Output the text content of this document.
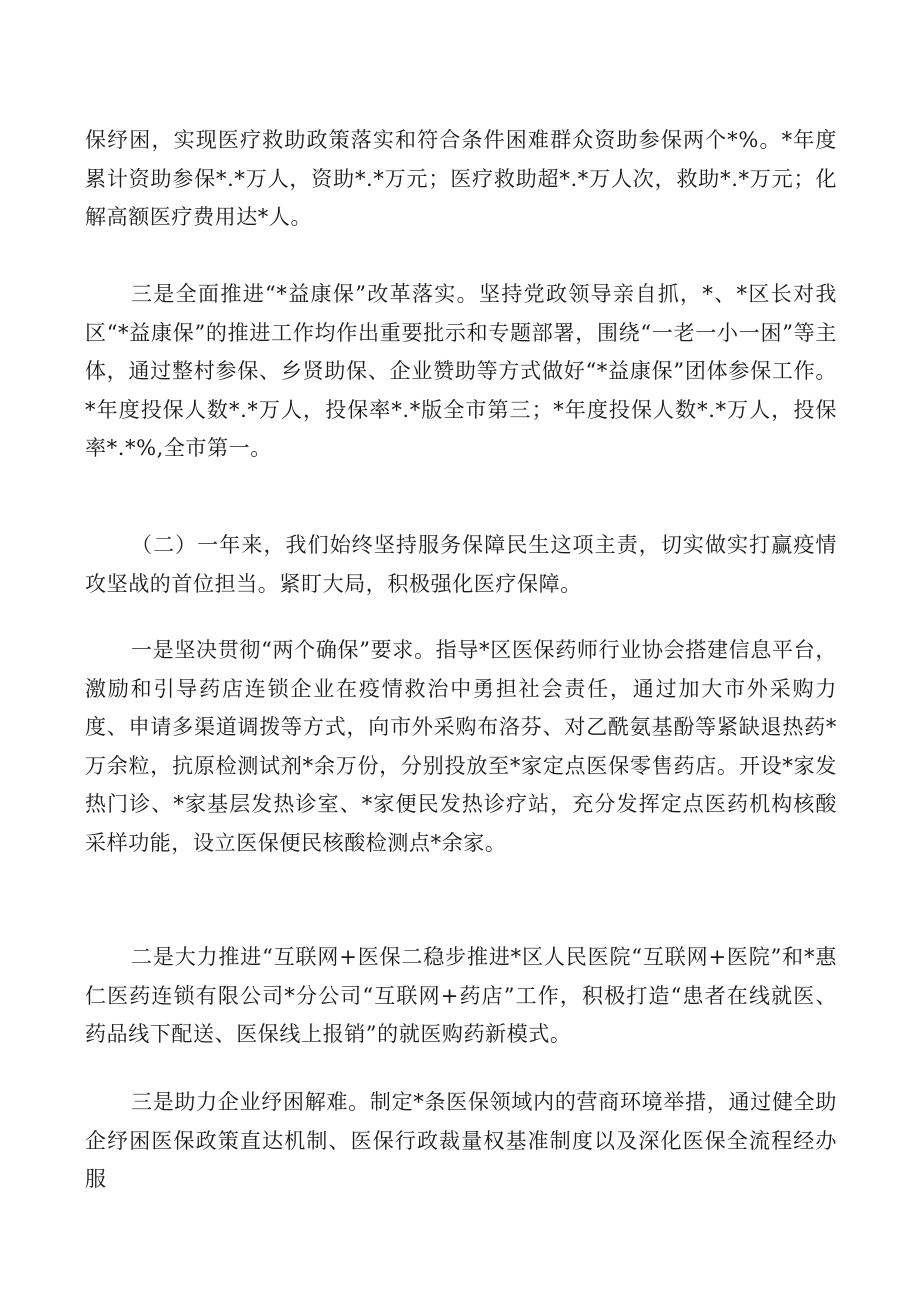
保纾困，实现医疗救助政策落实和符合条件困难群众资助参保两个*%。*年度累计资助参保*.*万人，资助*.*万元；医疗救助超*.*万人次，救助*.*万元；化解高额医疗费用达*人。

三是全面推进“*益康保”改革落实。坚持党政领导亲自抓，*、*区长对我区“*益康保”的推进工作均作出重要批示和专题部署，围绕“一老一小一困”等主体，通过整村参保、乡贤助保、企业赞助等方式做好“*益康保”团体参保工作。*年度投保人数*.*万人，投保率*.*版全市第三；*年度投保人数*.*万人，投保率*.*%,全市第一。

（二）一年来，我们始终坚持服务保障民生这项主责，切实做实打赢疫情攻坚战的首位担当。紧盯大局，积极强化医疗保障。

一是坚决贯彻“两个确保”要求。指导*区医保药师行业协会搭建信息平台，激励和引导药店连锁企业在疫情救治中勇担社会责任，通过加大市外采购力度、申请多渠道调拨等方式，向市外采购布洛芬、对乙酰氨基酚等紧缺退热药*万余粒，抗原检测试剂*余万份，分别投放至*家定点医保零售药店。开设*家发热门诊、*家基层发热诊室、*家便民发热诊疗站，充分发挥定点医药机构核酸采样功能，设立医保便民核酸检测点*余家。

二是大力推进“互联网+医保二稳步推进*区人民医院“互联网+医院”和*惠仁医药连锁有限公司*分公司“互联网+药店”工作，积极打造“患者在线就医、药品线下配送、医保线上报销”的就医购药新模式。

三是助力企业纾困解难。制定*条医保领域内的营商环境举措，通过健全助企纾困医保政策直达机制、医保行政裁量权基准制度以及深化医保全流程经办服
